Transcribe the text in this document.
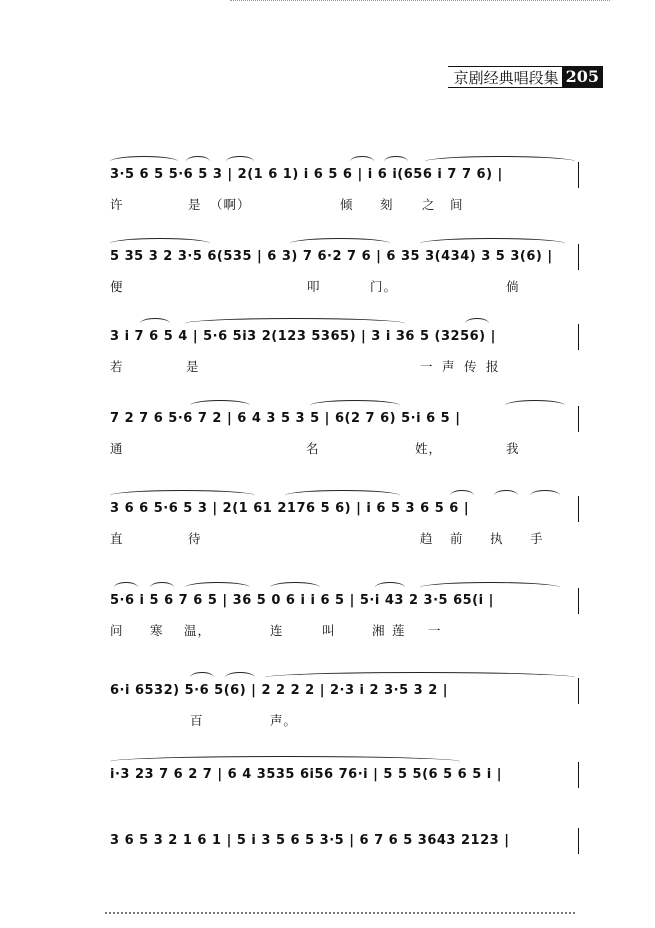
京剧经典唱段集 205
3·5 6 5 5·6 5 3 | 2(1 6 1) i 6 5 6 | i 6 i(656 i 7 7 6) |
许	是 （啊）	倾 刻 之 间
5 35 3 2 3·5 6(535 | 6 3) 7 6·2 7 6 | 6 35 3(434) 3 5 3(6) |
便	叩	门。	倘
3 i 7 6 5 4 | 5·6 5i3 2(123 5365) | 3 i 36 5 (3256) |
若	是	一 声 传 报
7 2 7 6 5·6 7 2 | 6 4 3 5 3 5 | 6(2 7 6) 5·i 6 5 |
通	名	姓，	我
3 6 6 5·6 5 3 | 2(1 61 2176 5 6) | i 6 5 3 6 5 6 |
直	待	趋 前 执 手
5·6 i 5 6 7 6 5 | 36 5 0 6 i i 6 5 | 5·i 43 2 3·5 65(i |
问 寒 温，	连	叫	湘 莲 一
6·i 6532) 5·6 5(6) | 2 2 2 2 | 2·3 i 2 3·5 3 2 |
百	声。
i·3 23 7 6 2 7 | 6 4 3535 6i56 76·i | 5 5 5(6 5 6 5 i |
3 6 5 3 2 1 6 1 | 5 i 3 5 6 5 3·5 | 6 7 6 5 3643 2123 |
